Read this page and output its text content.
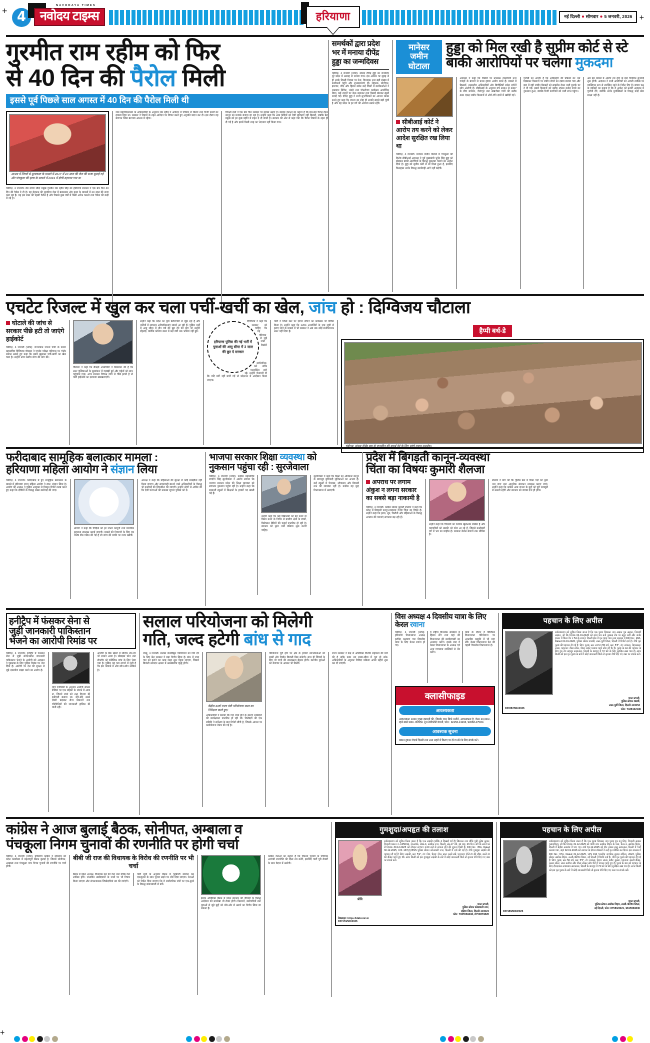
+ 4
NAVODAYA TIMES
नवोदय टाइम्स	हरियाणा	नई दिल्ली ● सोमवार ● 5 जनवरी, 2026 +
गुरमीत राम रहीम को फिर
से 40 दिन की पैरोल मिली
इससे पूर्व पिछले साल अगस्त में 40 दिन की पैरोल मिली थी
आश्रम में शिष्यों से मुलाकात के मामले में 2017 में 20 साल की जेल की सजा सुनाई गई और पंचकूला की हत्या के मामले में 2019 में दोषी ठहराया गया था
चंडीगढ़, 4 जनवरी। डेरा सच्चा सौदा प्रमुख गुरमीत राम रहीम सिंह को हरियाणा सरकार ने एक बार फिर 40 दिन की पैरोल दे दी है। वह रोहतक की सुनारिया जेल में बलात्कार और हत्या के मामलों में 20 साल की सजा काट रहा है। यह इस साल की पहली पैरोल है और पिछले कुछ वर्षों में मिली अनेक फरलो तथा पैरोल की कड़ी में नई है।
जेल महानिदेशालय के अधिकारियों के अनुसार राम रहीम ने आवेदन में परिवार से मिलने तथा निजी कार्यों का हवाला दिया था। सरकार ने नियमों के तहत आवेदन पर विचार करते हुए अनुमति प्रदान कर दी। इस दौरान वह बागपत स्थित बरनावा आश्रम में रहेगा।
विपक्षी दलों ने एक बार फिर सरकार पर सवाल उठाए हैं। कांग्रेस नेताओं का कहना है कि बार-बार पैरोल देकर कानून का मजाक बनाया जा रहा है। उन्होंने कहा कि आम कैदियों को ऐसी सुविधाएं नहीं मिलतीं, जबकि डेरा प्रमुख को हर कुछ महीने में राहत दे दी जाती है। सरकार की ओर से कहा गया कि पैरोल नियमों के तहत ही दी गई है और इसमें किसी तरह का भेदभाव नहीं किया गया।
समर्थकों द्वारा प्रदेश भर में मनाया दीपेंद्र हुड्डा का जन्मदिवस
चंडीगढ़, 4 जनवरी (भाषा): सांसद दीपेंद्र हुड्डा का जन्मदिन पूरे प्रदेश में उत्साह से मनाया गया। इस अवसर पर सुबह से ही उनके दिल्ली निवास पर नेता, विधायक तथा बड़ी संख्या में कार्यकर्ता पहुंचे और शुभकामनाएं दीं। रोहतक, सोनीपत, झज्जर, जींद और हिसार समेत कई जिलों में कार्यकर्ताओं ने रक्तदान शिविर, भंडारे तथा पौधरोपण कार्यक्रम आयोजित किए। कई स्थानों पर केक काटकर तथा मिठाई बांटकर खुशी मनाई गई। दीपेंद्र हुड्डा ने सभी शुभचिंतकों का आभार व्यक्त करते हुए कहा कि जनता का स्नेह ही उनकी सबसे बड़ी पूंजी है और वह प्रदेश के हर वर्ग की आवाज उठाते रहेंगे।
मानेसर
जमीन
घोटाला
हुड्डा को मिल रखी है सुप्रीम कोर्ट से स्टे
बाकी आरोपियों पर चलेगा मुकदमा
सीबीआई कोर्ट ने आरोप तय करने को लेकर आदेश सुरक्षित रख लिया था
चंडीगढ़, 4 जनवरी। मानेसर जमीन घोटाले में पंचकूला की विशेष सीबीआई अदालत ने पूर्व मुख्यमंत्री भूपेंद्र सिंह हुड्डा को छोड़कर बाकी आरोपियों के विरुद्ध मुकदमा चलाने का आदेश दिया है। हुड्डा को सुप्रीम कोर्ट से स्टे मिला हुआ है, इसलिए फिलहाल उनके विरुद्ध कार्यवाही आगे नहीं बढ़ेगी।
अदालत ने कहा कि रिकॉर्ड पर उपलब्ध दस्तावेजों तथा गवाहों के बयानों से प्रथम दृष्टया आरोप बनते हैं। मामले में बिल्डरों, तत्कालीन अधिकारियों और बिचौलियों समेत दर्जनों लोग आरोपी हैं। सीबीआई के अनुसार वर्ष 2004 से 2007 के बीच मानेसर, नौरंगपुर तथा लखनौला गांवों की करीब 400 एकड़ जमीन किसानों से औने-पौने दामों में खरीदी गई।
एजेंसी का आरोप है कि अधिग्रहण की प्रक्रिया का भय दिखाकर किसानों पर जमीन बेचने का दबाव बनाया गया और बाद में वही जमीन बिल्डरों को लाइसेंस देकर भारी मुनाफे पर दे दी गई। इससे किसानों को करीब 1500 करोड़ रुपये का नुकसान हुआ, जबकि निजी कंपनियों को भारी लाभ पहुंचा।
अब इस मामले में आरोप तय होने के बाद नियमित सुनवाई शुरू होगी। अदालत ने सभी आरोपियों को अगली तारीख पर व्यक्तिगत रूप से उपस्थित रहने के निर्देश दिए हैं। बचाव पक्ष के वकीलों का कहना है कि वे आदेश को ऊपरी अदालत में चुनौती देंगे, क्योंकि उनके मुवक्किलों के विरुद्ध कोई ठोस साक्ष्य नहीं है।
एचटेट रिजल्ट में खुल कर चला पर्ची-खर्ची का खेल, जांच हो : दिग्विजय चौटाला
घोटाले की जांच से सरकार पीछे हटी तो जाएंगे हाईकोर्ट
चंडीगढ़, 4 जनवरी (भाषा): जननायक जनता पार्टी के प्रधान महासचिव दिग्विजय चौटाला ने एचटेट परीक्षा परिणाम पर गंभीर सवाल उठाते हुए कहा कि इसमें खुलकर पर्ची-खर्ची का खेल चला है। उन्होंने उच्च स्तरीय जांच की मांग की।
चौटाला ने कहा कि सैकड़ों अभ्यर्थियों ने शिकायत की है कि उत्तर पुस्तिकाओं के मूल्यांकन में गड़बड़ी हुई और चहेतों को लाभ पहुंचाया गया। अगर सरकार निष्पक्ष जांच से पीछे हटती है तो पार्टी हाईकोर्ट का दरवाजा खटखटाएगी।
उन्होंने कहा कि प्रदेश का युवा बेरोजगारी से जूझ रहा है और भर्तियों में लगातार अनियमितताएं सामने आ रही हैं। पुलिस भर्ती में आयु सीमा में तीन वर्ष की छूट देने की मांग भी उन्होंने दोहराई, क्योंकि कोरोना काल में कई वर्षों तक भर्तियां नहीं हुईं।
हरियाणा पुलिस की नई भर्ती में युवाओं की आयु सीमा में 3 साल की छूट दे सरकार
दिग्विजय ने कहा कि सरकार को चाहिए कि वह परिणाम से जुड़े सभी रिकॉर्ड सार्वजनिक करे ताकि पारदर्शिता बनी रहे। उन्होंने चेतावनी दी कि यदि मांगें नहीं मानी गईं तो प्रदेशभर में आंदोलन किया जाएगा।
पार्टी ने जिला स्तर पर ज्ञापन सौंपने का कार्यक्रम भी घोषित किया है। उन्होंने कहा कि 1264 अभ्यर्थियों के नाम सूची से हटाए जाने के मामले में भी सरकार ने अब तक कोई संतोषजनक उत्तर नहीं दिया है।	हैप्पी बर्थ-डे
चंडीगढ़: सांसद दीपेंद्र हुड्डा के जन्मदिन की बधाई देने के लिए पहुंचे तमाम समर्थक।
फरीदाबाद सामूहिक बलात्कार मामला :
हरियाणा महिला आयोग ने संज्ञान लिया
चंडीगढ़, 4 जनवरी। फरीदाबाद में हुए सामूहिक बलात्कार के मामले में हरियाणा राज्य महिला आयोग ने स्वत: संज्ञान लिया है। आयोग की अध्यक्ष ने पुलिस आयुक्त से विस्तृत रिपोर्ट तलब करते हुए कहा कि दोषियों के विरुद्ध सख्त कार्रवाई की जाए।
आयोग ने कहा कि पीड़िता को हर संभव कानूनी तथा मानसिक सहायता उपलब्ध कराई जाएगी। मामले की निगरानी के लिए एक विशेष टीम गठित की गई है जो जांच की प्रगति पर नजर रखेगी।
अध्यक्ष ने कहा कि महिलाओं की सुरक्षा से कोई समझौता नहीं किया जाएगा और लापरवाही बरतने वाले अधिकारियों के विरुद्ध भी कार्रवाई की सिफारिश की जाएगी। उन्होंने लोगों से अपील की कि ऐसी घटनाओं की तत्काल सूचना पुलिस को दें।
भाजपा सरकार शिक्षा व्यवस्था को
नुकसान पहुंचा रही : सुरजेवाला
चंडीगढ़, 4 जनवरी (भाषा): कांग्रेस महासचिव रणदीप सिंह सुरजेवाला ने आरोप लगाया कि भाजपा सरकार प्रदेश की शिक्षा व्यवस्था को लगातार नुकसान पहुंचा रही है। उन्होंने कहा कि सरकारी स्कूलों में शिक्षकों के हजारों पद खाली पड़े हैं।
उन्होंने कहा कि कई विद्यालयों को बंद करने या विलय करने के निर्णय से ग्रामीण क्षेत्रों के बच्चों, विशेषकर बेटियों की पढ़ाई प्रभावित हो रही है। सरकार को तुरंत भर्ती प्रक्रिया शुरू करनी चाहिए।
सुरजेवाला ने कहा कि शिक्षा का अधिकार कानून के बावजूद बुनियादी सुविधाओं का अभाव है। कई स्कूलों में पेयजल, शौचालय और बिजली तक की व्यवस्था नहीं है। कांग्रेस यह मुद्दा विधानसभा में उठाएगी।
प्रदेश में बिगड़ती कानून-व्यवस्था
चिंता का विषयः कुमारी शैलजा
अपराध पर लगाम अंकुश न लगना सरकार का सबसे बड़ा नाकामी है
चंडीगढ़, 4 जनवरी। कांग्रेस सांसद कुमारी शैलजा ने कहा कि प्रदेश में बिगड़ती कानून-व्यवस्था गंभीर चिंता का विषय है। उन्होंने कहा कि हत्या, लूट, फिरौती और महिलाओं के विरुद्ध अपराध की घटनाएं लगातार बढ़ रही हैं।
उन्होंने कहा कि गैंगस्टरों का नेटवर्क खुलेआम सक्रिय है और व्यापारियों को धमकी भरे फोन आ रहे हैं, जिससे कारोबारी वर्ग में भय का माहौल है। सरकार केवल बयानों तक सीमित है।
शैलजा ने मांग की कि पुलिस बल में रिक्त पदों को तुरंत भरा जाए तथा आधुनिक संसाधन उपलब्ध कराए जाएं। उन्होंने कहा कि कांग्रेस आम जनता के मुद्दों को पूरी मजबूती से उठाती रहेगी और सरकार को जवाब देना ही होगा।
हनीट्रैप में फंसकर सेना से
जुड़ी जानकारी पाकिस्तान
भेजने का आरोपी रिमांड पर
चंडीगढ़, 4 जनवरी। हनीट्रैप में फंसकर सेना से जुड़ी संवेदनशील जानकारी पाकिस्तान भेजने के आरोपी को अदालत ने पूछताछ के लिए पुलिस रिमांड पर भेज दिया है। आरोपी पर देश की सुरक्षा से जुड़े दस्तावेज साझा करने का आरोप है।
जांच एजेंसियों के अनुसार आरोपी सोशल मीडिया पर एक महिला के संपर्क में आया था, जिसने स्वयं को रक्षा विभाग की कर्मचारी बताया था। धीरे-धीरे उससे दोस्ती बढ़ाकर सैन्य ठिकानों तथा गतिविधियों की जानकारी हासिल की जाती रही।
आरोपी के बैंक खातों में संदिग्ध लेन-देन भी सामने आया है। मोबाइल फोन तथा लैपटॉप को फॉरेंसिक जांच के लिए भेजा गया है। पुलिस यह पता लगाने में जुटी है कि इस नेटवर्क में और कौन-कौन शामिल है।
सलाल परियोजना को मिलेगी
गति, जल्द हटेगी बांध से गाद
जम्मू, 4 जनवरी। सलाल जलविद्युत परियोजना को गति देने के लिए केंद्र सरकार ने बड़ा निर्णय लिया है। बांध में जमा गाद को हटाने का काम जल्द शुरू किया जाएगा, जिससे बिजली उत्पादन क्षमता में उल्लेखनीय वृद्धि होगी।
केंद्रीय ऊर्जा राज्य मंत्री परियोजना स्थल का निरीक्षण करते हुए।
अधिकारियों ने बताया कि गाद जमा होने के कारण टरबाइनों की कार्यक्षमता प्रभावित हो रही थी। विशेषज्ञों की एक समिति ने सर्वेक्षण के बाद रिपोर्ट सौंपी है, जिसके आधार पर कार्ययोजना तैयार की गई है।
परियोजना पूरी होने पर क्षेत्र के हजारों उपभोक्ताओं को सस्ती और निर्बाध बिजली मिल सकेगी। साथ ही सिंचाई के लिए भी पानी की उपलब्धता बेहतर होगी। स्थानीय युवाओं को रोजगार के अवसर भी मिलेंगे।
राज्य सरकार ने केंद्र से अतिरिक्त वित्तीय सहायता की मांग की है ताकि काम तय समय-सीमा में पूरा हो सके। अधिकारियों के अनुसार निविदा प्रक्रिया अगले महीने शुरू कर दी जाएगी।
विस अध्यक्ष 4 दिवसीय यात्रा के लिए केरल रवाना
चंडीगढ़, 4 जनवरी (भाषा): हरियाणा विधानसभा अध्यक्ष हरविंद्र कल्याण चार दिवसीय यात्रा के लिए केरल रवाना हो गए।
वे राष्ट्रीय विधायक सम्मेलन में हिस्सा लेंगे तथा वहां की विधानसभा की कार्यप्रणाली का अध्ययन करेंगे। इसके बाद वे केरल विधानसभा के अध्यक्ष एवं अन्य गणमान्य व्यक्तियों से भेंट करेंगे।
यात्रा के दौरान वे डिजिटल विधानसभा परियोजना पर आधारित प्रस्तुति में भी भाग लेंगे। केरल विधानसभा देश की पहली पेपरलेस विधानसभा है।
क्लासीफाइड
आवश्यकता
आवश्यकता 1000 एकड़ इमारती की, जिसके पास सिर्फ मशीनें, आवश्यकता है, वेतन 20,000/-, रहने खाने 300/- प्रतिदिन। शुभ टेलीफोनी कंपनी, फोन : 92156-13296, 93068-47503।
आवश्यक सूचना
मकान दुकान गोदामें दिल्ली तथा अन्य शहरों में किराए पर देने व लेने के लिए संपर्क करें।
पहचान के लिए अपील
सर्वसाधारण को सूचित किया जाता है कि एक पुरुष जिसका नाम अज्ञात पुत्र अज्ञात, निवासी अज्ञात, जो कि दिनांक 04.01.2026 को सायं चार बजे नुक्कड़ रोड पर बहुत सर्दी और जर्जर हालत में मिला गेट नं 54 के सामने, दिल्ली क्षेत्र में मृत पाया गया। इस सम्बन्ध में DD No.: 28A, Dated 04.01.2026, पुलिस स्टेशन शास्त्री, उत्तर-पूर्वी जिला, दिल्ली में रिपोर्ट दर्ज है। नीचे मृत पुरुष की पहचान दी गई है: लिंग: पुरुष, उम्र: लगभग 55 वर्ष, कद: 5'5", रंग: सांवला, चेहराबाल: लम्बा, पहनावा: नीला स्वेटर, पीला जर्जर पजामा पहने और नंगे पैर है। पुरुष के शव की पहचान के लिए गुरु तेग बहादुर अस्पताल, दिल्ली के शवगृह में 72 घंटे के लिए सुरक्षित रखा गया है। अगर किसी को इस मृत पुरुष के बारे में कोई जानकारी मिले तो कृपया नीचे दिए गए नंबर पर संपर्क करें।
थाना प्रभारी,
पुलिस स्टेशन शास्त्री,
उत्तर-पूर्वी जिला, दिल्ली-110053
DP/287/NE/2026	फोन: 7428132190
कांग्रेस ने आज बुलाई बैठक, सोनीपत, अम्बाला व
पंचकूला निगम चुनावों की रणनीति पर होगी चर्चा
चंडीगढ़, 4 जनवरी (भाषा): हरियाणा कांग्रेस ने सोमवार को प्रदेश कार्यालय में महत्वपूर्ण बैठक बुलाई है, जिसमें सोनीपत, अम्बाला तथा पंचकूला नगर निगम चुनावों की रणनीति पर चर्चा होगी।
बीबी जी राज की विधायक के विरोध की रणनीति पर भी चर्चा
बैठक में प्रदेश अध्यक्ष, विधायक दल की नेता तथा वरिष्ठ नेता शामिल होंगे। संभावित उम्मीदवारों के नामों पर भी विचार किया जाएगा और संगठनात्मक जिम्मेदारियां तय की जाएंगी।
पार्टी सूत्रों के अनुसार बैठक में गुटबाजी समाप्त कर एकजुटता के साथ चुनाव लड़ने पर जोर दिया जाएगा। नेताओं को निर्देश दिया जाएगा कि वे सार्वजनिक मंचों पर एक-दूसरे के विरुद्ध बयानबाजी से बचें।
इसके अतिरिक्त बैठक में प्रदेश सरकार की नीतियों के विरुद्ध आंदोलन की रूपरेखा भी तैयार होगी। किसानों, कर्मचारियों तथा युवाओं से जुड़े मुद्दों को जोर-शोर से उठाने का निर्णय लिया जा सकता है।
कांग्रेस नेताओं का कहना है कि निकाय चुनावों के परिणाम आगामी राजनीति की दिशा तय करेंगे, इसलिए पार्टी पूरी तैयारी के साथ मैदान में उतरेगी।
गुमशुदा/अपहृत की तलाश
प्रीति
सर्वसाधारण को सूचित किया जाता है कि एक लड़की (जोकि 4 दिखाई गई है) जिसका नाम प्रीति पुत्री सुरेश कुमार, निवासी मकान नं.-1056/11, जे-ब्लॉक, सेक्ट-4, अशोक नगर, दिल्ली, उम्र-17 वर्ष, 11 माह, 26 दिन। जो कि अपने घर से दिनांक 30.12.2025 को दोपहर लगभग 1.00 बजे से लापता होने की सूचना मिली है। DD No.: 35A, Dated 30.12.2025, U/S 137(2) BNS पुलिस स्टेशन कोतवाली नगर, दिल्ली में दर्ज की गई है। नीचे गुमशुदा लड़की की पहचान दी गई है: लिंग: लड़की, कद: 5'2", रंग: गोरा, चेहरा: गोल, बाल: काले लंबे, पहनावा: नीले रंग की जींस, काले रंग की जैकेट पहने हुए थी। अगर किसी को इस गुमशुदा लड़की के बारे में कोई जानकारी मिले तो कृपया नीचे दिए गए नंबर पर संपर्क करें।
थाना प्रभारी,
पुलिस स्टेशन कोतवाली नगर,
दक्षिण जिला, दिल्ली-110024
फोन: 7065569296, 8750870826
वेबसाइट: https://dabi.nic.in
DP/179/SD/2026
पहचान के लिए अपील
सर्वसाधारण को सूचित किया जाता है कि एक पुरुष जिसका नाम पुरुष पुत्र मनु सिंह, निवासी अज्ञात (लावारिस), जो कि दिनांक 31.12.2025 को गांधी नगर अशोक विहार के पास, फेज-1, अशोक विहार, दिल्ली में बेहोश अवस्था में पाए गए। वर्षा 31.12.2025 को दीन दयाल बाबू अस्पताल, दिल्ली में भर्ती कराया गया, जहां 02.01.2026 को उपचार के दौरान डॉक्टरों ने उन्हें मृत घोषित कर दिया। इस सम्बन्ध में DD No.: 67A, Dated 31.12.2025, U/S 194 भारतीय नागरिक सुरक्षा संहिता, 2023, पुलिस स्टेशन अशोक विहार, उत्तरी-पश्चिम जिला, नई दिल्ली में रिपोर्ट दर्ज है। नीचे मृत पुरुष की पहचान दी गई है: लिंग: पुरुष, उम्र: 50 वर्ष, कद: 5'5", रंग: सांवला, चेहरा: लम्बा, शरीर: दुबला, पहनावा: काली जैकेट, काला स्वेटर, लाल कमीज और नीला लोअर और पैरों में चप्पल पहने हुए है। पुरुष के शव को पहचान के लिए दीनदयाल उपाध्याय अस्पताल, दिल्ली के शवगृह में 72 घंटे के लिए सुरक्षित रखा गया है। अगर किसी को इस मृत पुरुष के बारे में कोई जानकारी मिले तो कृपया नीचे दिए गए नंबर पर संपर्क करें।
थाना प्रभारी,
पुलिस स्टेशन अशोक विहार, उत्तरी-पश्चिम जिला,
नई दिल्ली, फोन: 87580/3221, 9815669630
DP/186/NW/2026
+
